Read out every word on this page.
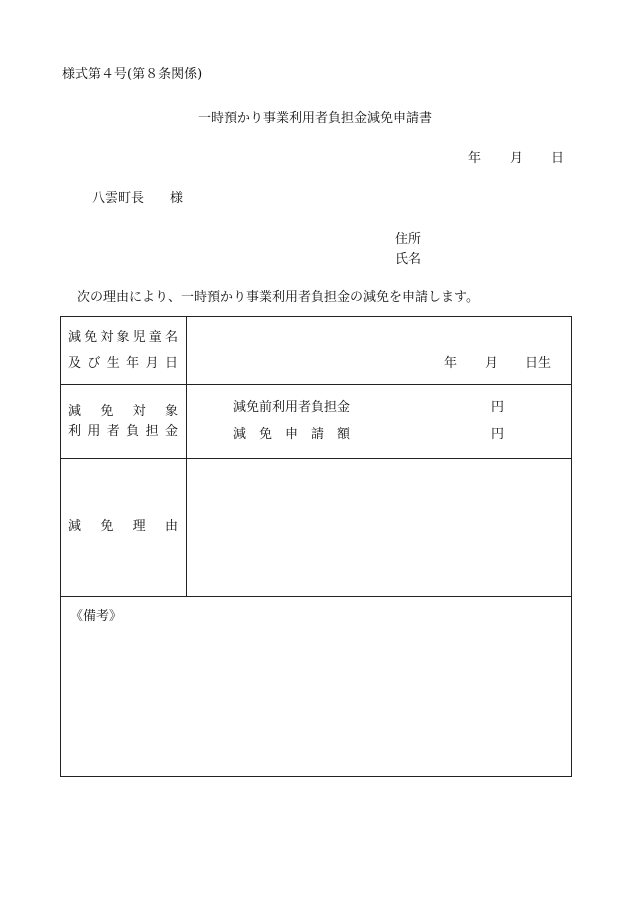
様式第４号(第８条関係)
一時預かり事業利用者負担金減免申請書
年 月 日
八雲町長 様
住所
氏名
次の理由により、一時預かり事業利用者負担金の減免を申請します。
減 免 対 象 児 童 名
及 び 生 年 月 日	年 月 日生
減 免 対 象
利 用 者 負 担 金
減免前利用者負担金
減 免 申 請 額
円
円
減 免 理 由
《備考》
